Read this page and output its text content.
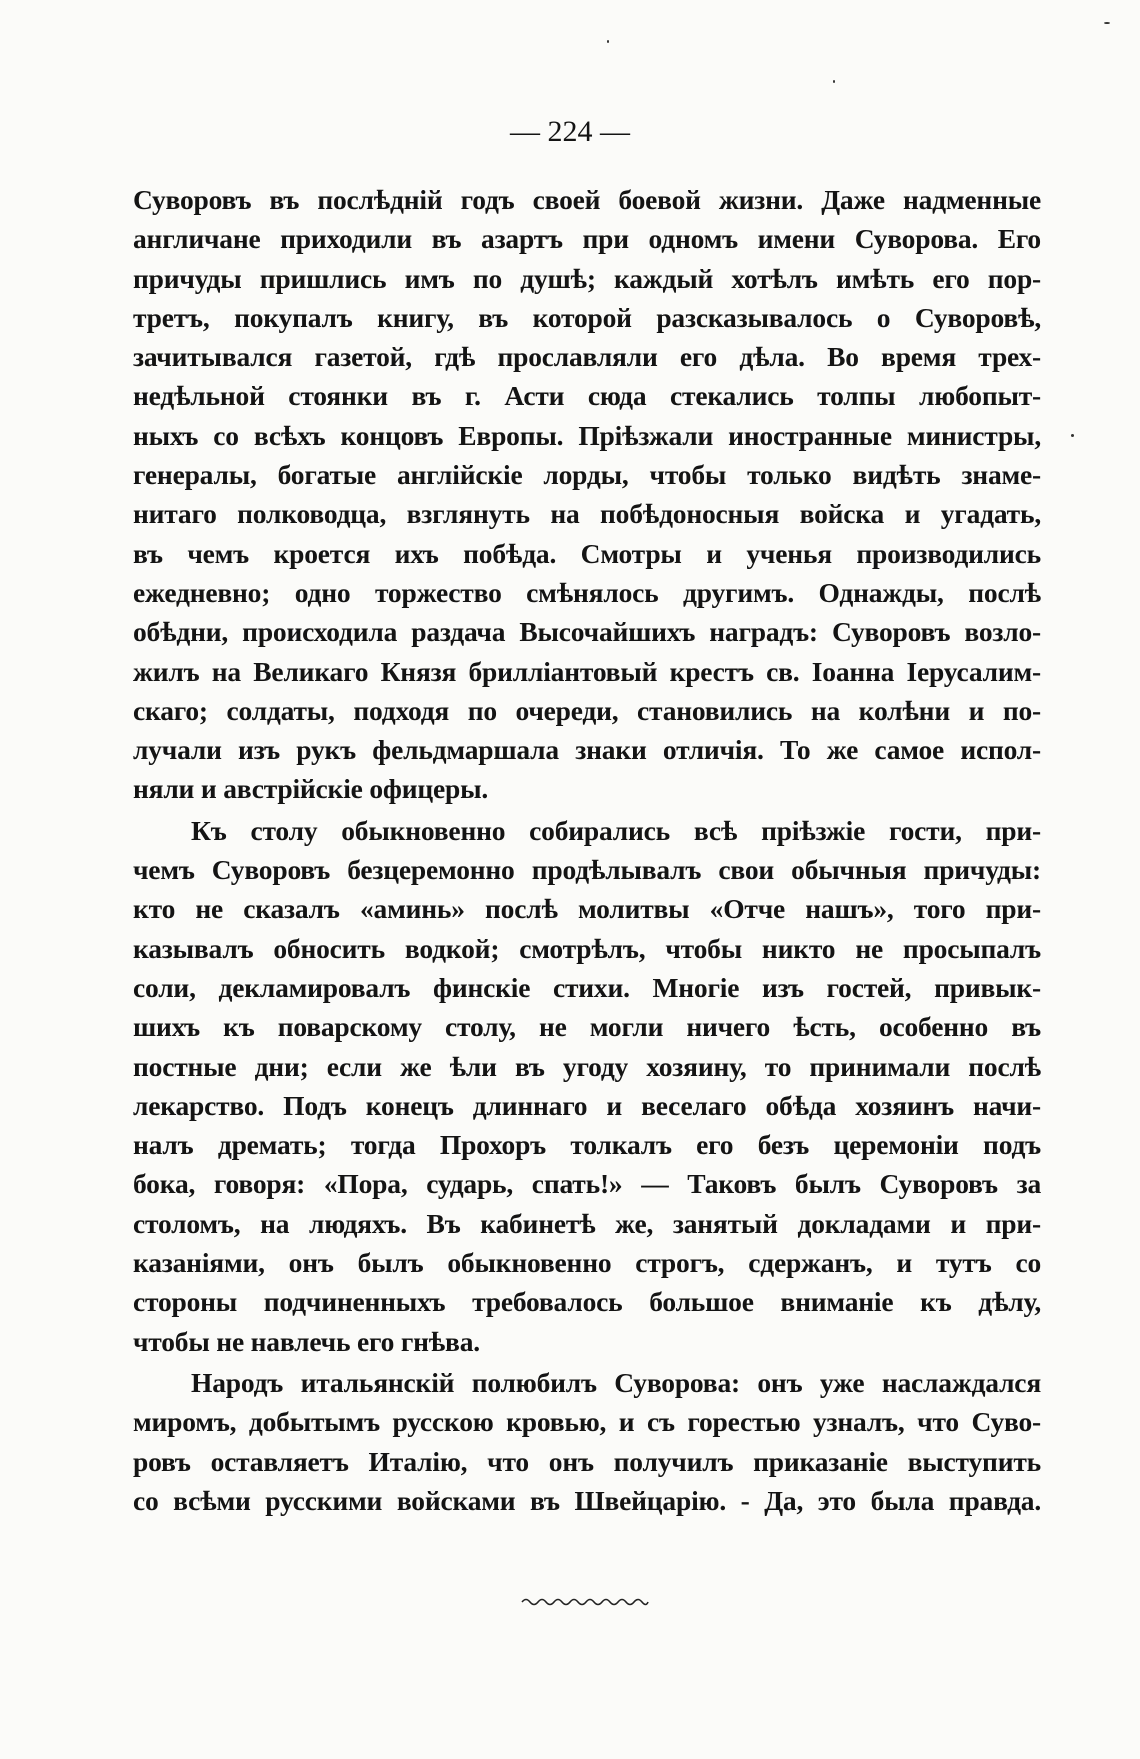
— 224 —
Суворовъ въ послѣднiй годъ своей боевой жизни. Даже надменные
англичане приходили въ азартъ при одномъ имени Суворова. Его
причуды пришлись имъ по душѣ; каждый хотѣлъ имѣть его пор-
третъ, покупалъ книгу, въ которой разсказывалось о Суворовѣ,
зачитывался газетой, гдѣ прославляли его дѣла. Во время трех-
недѣльной стоянки въ г. Асти сюда стекались толпы любопыт-
ныхъ со всѣхъ концовъ Европы. Прiѣзжали иностранные министры,
генералы, богатые англiйскiе лорды, чтобы только видѣть знаме-
нитаго полководца, взглянуть на побѣдоносныя войска и угадать,
въ чемъ кроется ихъ побѣда. Смотры и ученья производились
ежедневно; одно торжество смѣнялось другимъ. Однажды, послѣ
обѣдни, происходила раздача Высочайшихъ наградъ: Суворовъ возло-
жилъ на Великаго Князя бриллiантовый крестъ св. Iоанна Iерусалим-
скаго; солдаты, подходя по очереди, становились на колѣни и по-
лучали изъ рукъ фельдмаршала знаки отличiя. То же самое испол-
няли и австрiйскiе офицеры.
Къ столу обыкновенно собирались всѣ прiѣзжiе гости, при-
чемъ Суворовъ безцеремонно продѣлывалъ свои обычныя причуды:
кто не сказалъ «аминь» послѣ молитвы «Отче нашъ», того при-
казывалъ обносить водкой; смотрѣлъ, чтобы никто не просыпалъ
соли, декламировалъ финскiе стихи. Многiе изъ гостей, привык-
шихъ къ поварскому столу, не могли ничего ѣсть, особенно въ
постные дни; если же ѣли въ угоду хозяину, то принимали послѣ
лекарство. Подъ конецъ длиннаго и веселаго обѣда хозяинъ начи-
налъ дремать; тогда Прохоръ толкалъ его безъ церемонiи подъ
бока, говоря: «Пора, сударь, спать!» — Таковъ былъ Суворовъ за
столомъ, на людяхъ. Въ кабинетѣ же, занятый докладами и при-
казанiями, онъ былъ обыкновенно строгъ, сдержанъ, и тутъ со
стороны подчиненныхъ требовалось большое вниманiе къ дѣлу,
чтобы не навлечь его гнѣва.
Народъ итальянскiй полюбилъ Суворова: онъ уже наслаждался
миромъ, добытымъ русскою кровью, и съ горестью узналъ, что Суво-
ровъ оставляетъ Италiю, что онъ получилъ приказанiе выступить
со всѣми русскими войсками въ Швейцарiю. - Да, это была правда.
